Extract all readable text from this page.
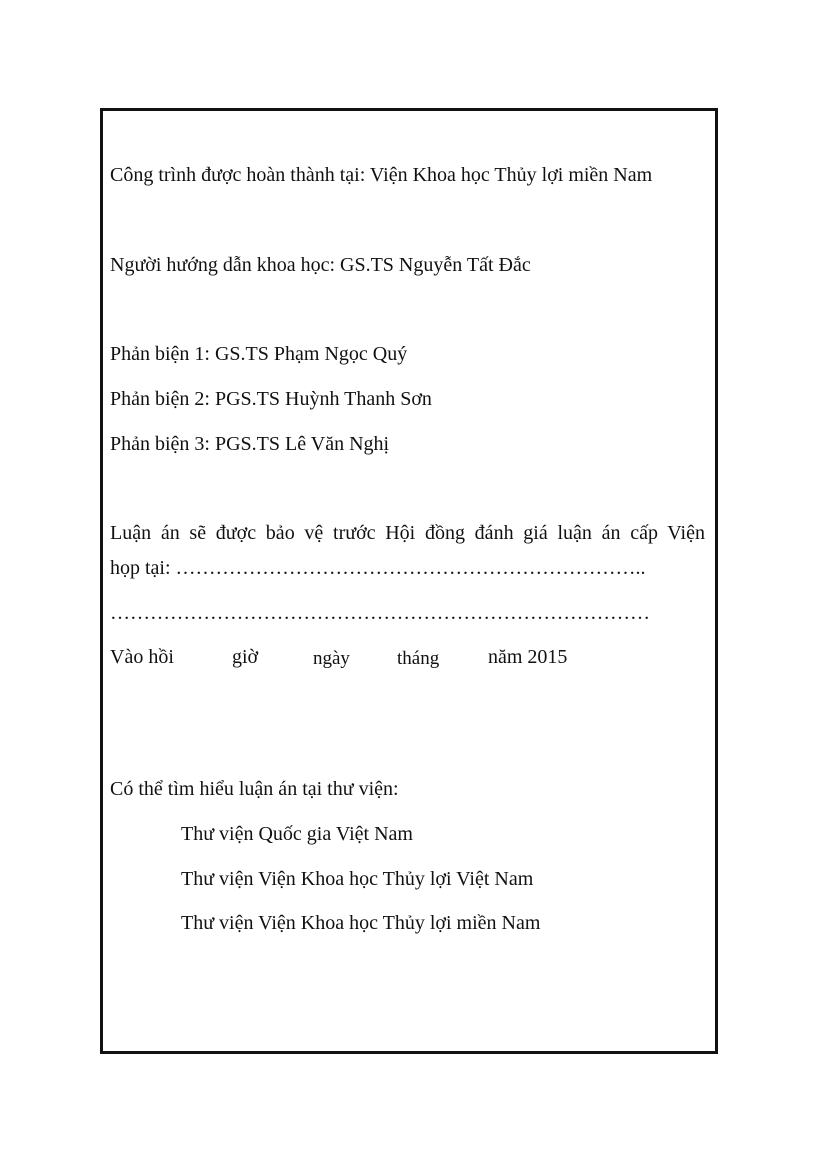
Công trình được hoàn thành tại: Viện Khoa học Thủy lợi miền Nam
Người hướng dẫn khoa học: GS.TS Nguyễn Tất Đắc
Phản biện 1: GS.TS Phạm Ngọc Quý
Phản biện 2: PGS.TS Huỳnh Thanh Sơn
Phản biện 3: PGS.TS Lê Văn Nghị
Luận án sẽ được bảo vệ trước Hội đồng đánh giá luận án cấp Viện
họp tại: ……………………………………………………………..
………………………………………………………………………
Vào hồi	giờ	ngày tháng năm 2015
Có thể tìm hiểu luận án tại thư viện:
Thư viện Quốc gia Việt Nam
Thư viện Viện Khoa học Thủy lợi Việt Nam
Thư viện Viện Khoa học Thủy lợi miền Nam
